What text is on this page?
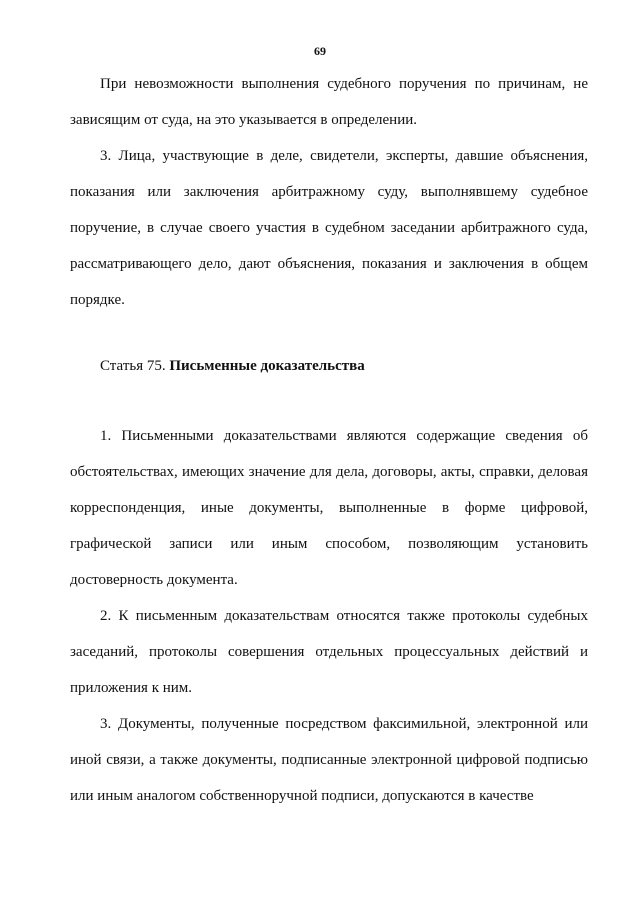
69

При невозможности выполнения судебного поручения по причинам, не зависящим от суда, на это указывается в определении.

3. Лица, участвующие в деле, свидетели, эксперты, давшие объяснения, показания или заключения арбитражному суду, выполнявшему судебное поручение, в случае своего участия в судебном заседании арбитражного суда, рассматривающего дело, дают объяснения, показания и заключения в общем порядке.

Статья 75. Письменные доказательства

1. Письменными доказательствами являются содержащие сведения об обстоятельствах, имеющих значение для дела, договоры, акты, справки, деловая корреспонденция, иные документы, выполненные в форме цифровой, графической записи или иным способом, позволяющим установить достоверность документа.

2. К письменным доказательствам относятся также протоколы судебных заседаний, протоколы совершения отдельных процессуальных действий и приложения к ним.

3. Документы, полученные посредством факсимильной, электронной или иной связи, а также документы, подписанные электронной цифровой подписью или иным аналогом собственноручной подписи, допускаются в качестве
